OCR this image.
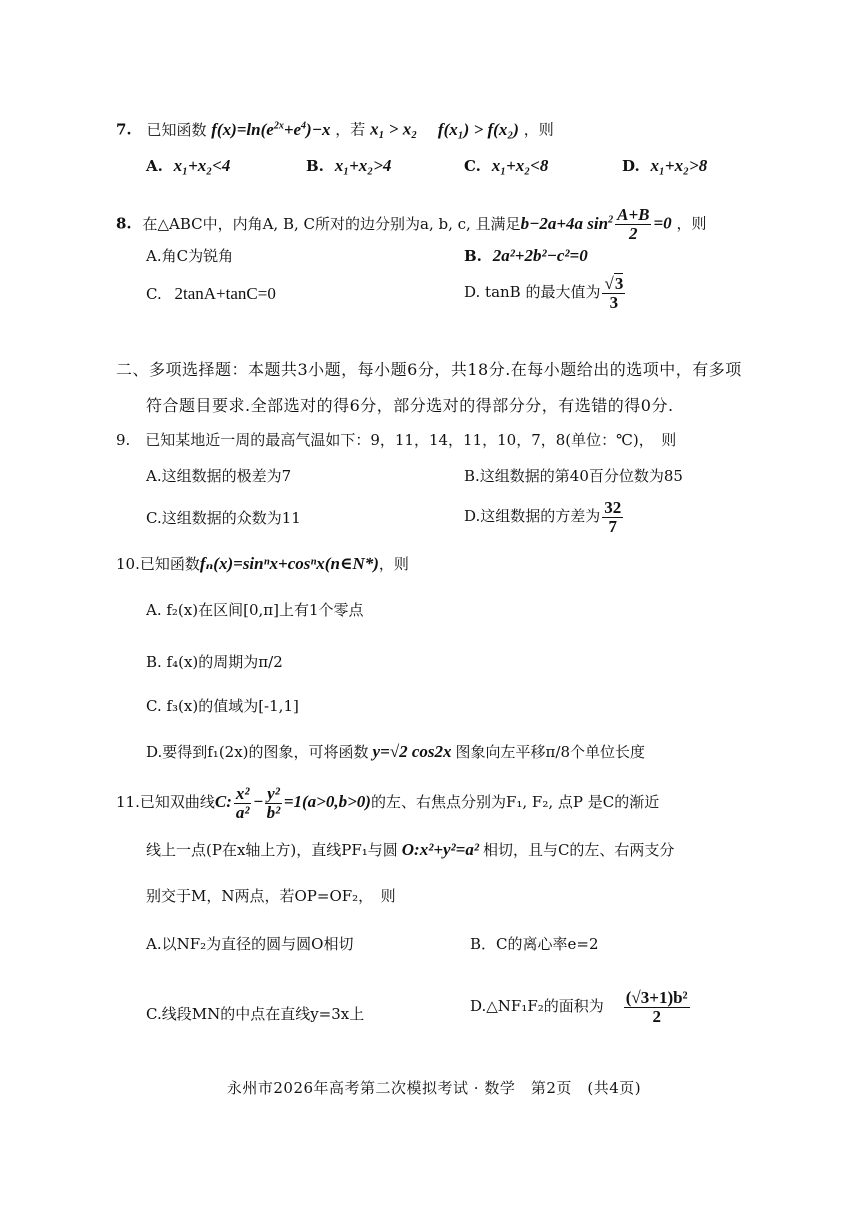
7. 已知函数 $f(x)=\ln(e^{2x}+e^4)-x$ ，若 x₁ > x₂ f(x₁) > f(x₂) ，则
A. x₁+x₂<4	B. x₁+x₂>4	C. x₁+x₂<8	D. x₁+x₂>8
8. 在△ABC中，内角A, B, C所对的边分别为a, b, c, 且满足b−2a+4a $\sin^2 \frac{A+B}{2} =0$ ，则
A.角C为锐角	B. 2a²+2b²−c²=0
C. 2tanA+tanC=0	D. tanB 的最大值为 $\frac{√3}{3}$
二、多项选择题：本题共3小题，每小题6分，共18分.在每小题给出的选项中，有多项
符合题目要求.全部选对的得6分，部分选对的得部分分，有选错的得0分.
9.　已知某地近一周的最高气温如下：9，11，14，11，10，7，8(单位：℃)，　则
A.这组数据的极差为7	B.这组数据的第40百分位数为85
C.这组数据的众数为11	D.这组数据的方差为 $\frac{32}{7}$
10.已知函数fₙ(x)=sinⁿx+cosⁿx(n∈N*)，则
A. f₂(x)在区间[0,π]上有1个零点
B. f₄(x)的周期为π/2
C. f₃(x)的值域为[-1,1]
D.要得到f₁(2x)的图象，可将函数 y=√2 cos2x 图象向左平移π/8个单位长度
11.已知双曲线C: $\frac{\text{x²}}{\text{a²}} - \frac{\text{y²}}{\text{b²}} =1(a>0,b>0)$的左、右焦点分别为F₁, F₂, 点P 是C的渐近
线上一点(P在x轴上方)，直线PF₁与圆 O:x²+y²=a² 相切，且与C的左、右两支分
别交于M，N两点，若OP=OF₂，　则
A.以NF₂为直径的圆与圆O相切	B．C的离心率e=2
C.线段MN的中点在直线y=3x上	D.△NF₁F₂的面积为 $\frac{\text{(√3+1)b²}}{2}$
永州市2026年高考第二次模拟考试 · 数学　第2页　(共4页)
